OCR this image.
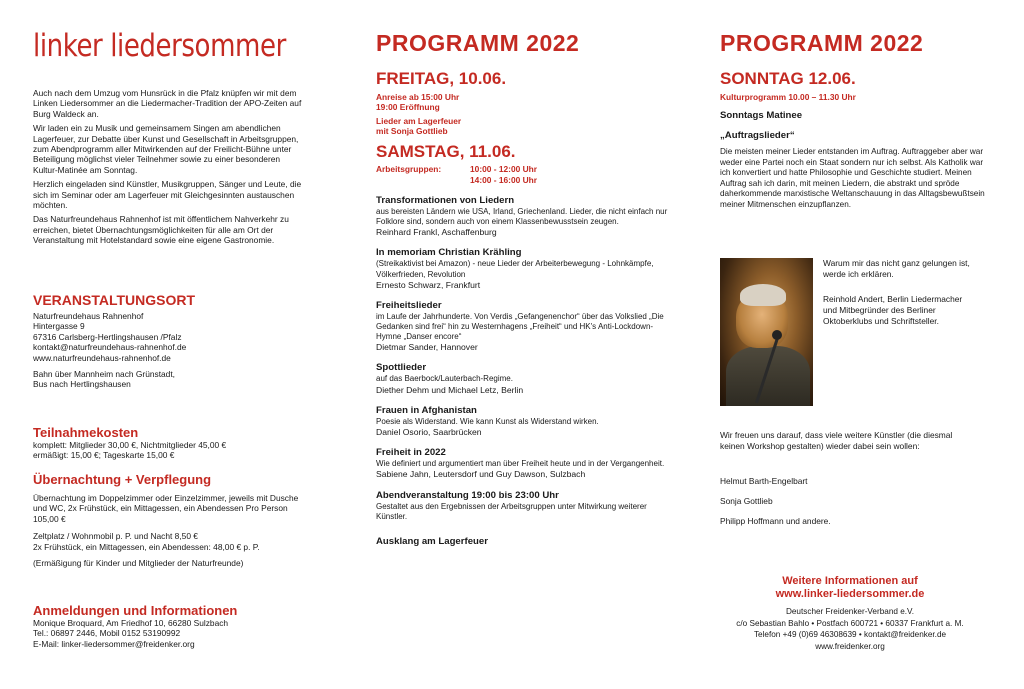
linker liedersommer

Auch nach dem Umzug vom Hunsrück in die Pfalz knüpfen wir mit dem Linken Liedersommer an die Liedermacher-Tradition der APO-Zeiten auf Burg Waldeck an.

Wir laden ein zu Musik und gemeinsamem Singen am abendlichen Lagerfeuer, zur Debatte über Kunst und Gesellschaft in Arbeitsgruppen, zum Abendprogramm aller Mitwirkenden auf der Freilicht-Bühne unter Beteiligung möglichst vieler Teilnehmer sowie zu einer besonderen Kultur-Matinée am Sonntag.

Herzlich eingeladen sind Künstler, Musikgruppen, Sänger und Leute, die sich im Seminar oder am Lagerfeuer mit Gleichgesinnten austauschen möchten.

Das Naturfreundehaus Rahnenhof ist mit öffentlichem Nahverkehr zu erreichen, bietet Übernachtungsmöglichkeiten für alle am Ort der Veranstaltung mit Hotelstandard sowie eine eigene Gastronomie.

VERANSTALTUNGSORT
Naturfreundehaus Rahnenhof
Hintergasse 9
67316 Carlsberg-Hertlingshausen /Pfalz
kontakt@naturfreundehaus-rahnenhof.de
www.naturfreundehaus-rahnenhof.de
Bahn über Mannheim nach Grünstadt,
Bus nach Hertlingshausen
Teilnahmekosten
komplett: Mitglieder 30,00 €, Nichtmitglieder 45,00 €
ermäßigt: 15,00 €; Tageskarte 15,00 €
Übernachtung + Verpflegung

Übernachtung im Doppelzimmer oder Einzelzimmer, jeweils mit Dusche und WC, 2x Frühstück, ein Mittagessen, ein Abendessen Pro Person 105,00 €

Zeltplatz / Wohnmobil p. P. und Nacht 8,50 €

2x Frühstück, ein Mittagessen, ein Abendessen: 48,00 € p. P.

(Ermäßigung für Kinder und Mitglieder der Naturfreunde)

Anmeldungen und Informationen
Monique Broquard, Am Friedhof 10, 66280 Sulzbach
Tel.: 06897 2446, Mobil 0152 53190992
E-Mail: linker-liedersommer@freidenker.org
PROGRAMM 2022
FREITAG, 10.06.
Anreise ab 15:00 Uhr
19:00 Eröffnung
Lieder am Lagerfeuer
mit Sonja Gottlieb
SAMSTAG, 11.06.
Arbeitsgruppen:	10:00 - 12:00 Uhr
14:00 - 16:00 Uhr
Transformationen von Liedern
aus bereisten Ländern wie USA, Irland, Griechenland. Lieder, die nicht einfach nur Folklore sind, sondern auch von einem Klassenbewusstsein zeugen.
Reinhard Frankl, Aschaffenburg
In memoriam Christian Krähling
(Streikaktivist bei Amazon) - neue Lieder der Arbeiterbewegung - Lohnkämpfe, Völkerfrieden, Revolution
Ernesto Schwarz, Frankfurt
Freiheitslieder
im Laufe der Jahrhunderte. Von Verdis „Gefangenenchor“ über das Volkslied „Die Gedanken sind frei“ hin zu Westernhagens „Freiheit“ und HK's Anti-Lockdown-Hymne „Danser encore“
Dietmar Sander, Hannover
Spottlieder
auf das Baerbock/Lauterbach-Regime.
Diether Dehm und Michael Letz, Berlin
Frauen in Afghanistan
Poesie als Widerstand. Wie kann Kunst als Widerstand wirken.
Daniel Osorio, Saarbrücken
Freiheit in 2022
Wie definiert und argumentiert man über Freiheit heute und in der Vergangenheit.
Sabiene Jahn, Leutersdorf und Guy Dawson, Sulzbach
Abendveranstaltung 19:00 bis 23:00 Uhr
Gestaltet aus den Ergebnissen der Arbeitsgruppen unter Mitwirkung weiterer Künstler.
Ausklang am Lagerfeuer
PROGRAMM 2022
SONNTAG 12.06.
Kulturprogramm 10.00 – 11.30 Uhr
Sonntags Matinee
„Auftragslieder“
Die meisten meiner Lieder entstanden im Auftrag. Auftraggeber aber war weder eine Partei noch ein Staat sondern nur ich selbst. Als Katholik war ich konvertiert und hatte Philosophie und Geschichte studiert. Meinen Auftrag sah ich darin, mit meinen Liedern, die abstrakt und spröde daherkommende marxistische Weltanschauung in das Alltagsbewußtsein meiner Mitmenschen einzupflanzen.
Warum mir das nicht ganz gelungen ist, werde ich erklären.
Reinhold Andert, Berlin Liedermacher und Mitbegründer des Berliner Oktoberklubs und Schriftsteller.
Wir freuen uns darauf, dass viele weitere Künstler (die diesmal keinen Workshop gestalten) wieder dabei sein wollen:
Helmut Barth-Engelbart
Sonja Gottlieb
Philipp Hoffmann und andere.
Weitere Informationen auf
www.linker-liedersommer.de
Deutscher Freidenker-Verband e.V.
c/o Sebastian Bahlo • Postfach 600721 • 60337 Frankfurt a. M.
Telefon +49 (0)69 46308639 • kontakt@freidenker.de
www.freidenker.org
